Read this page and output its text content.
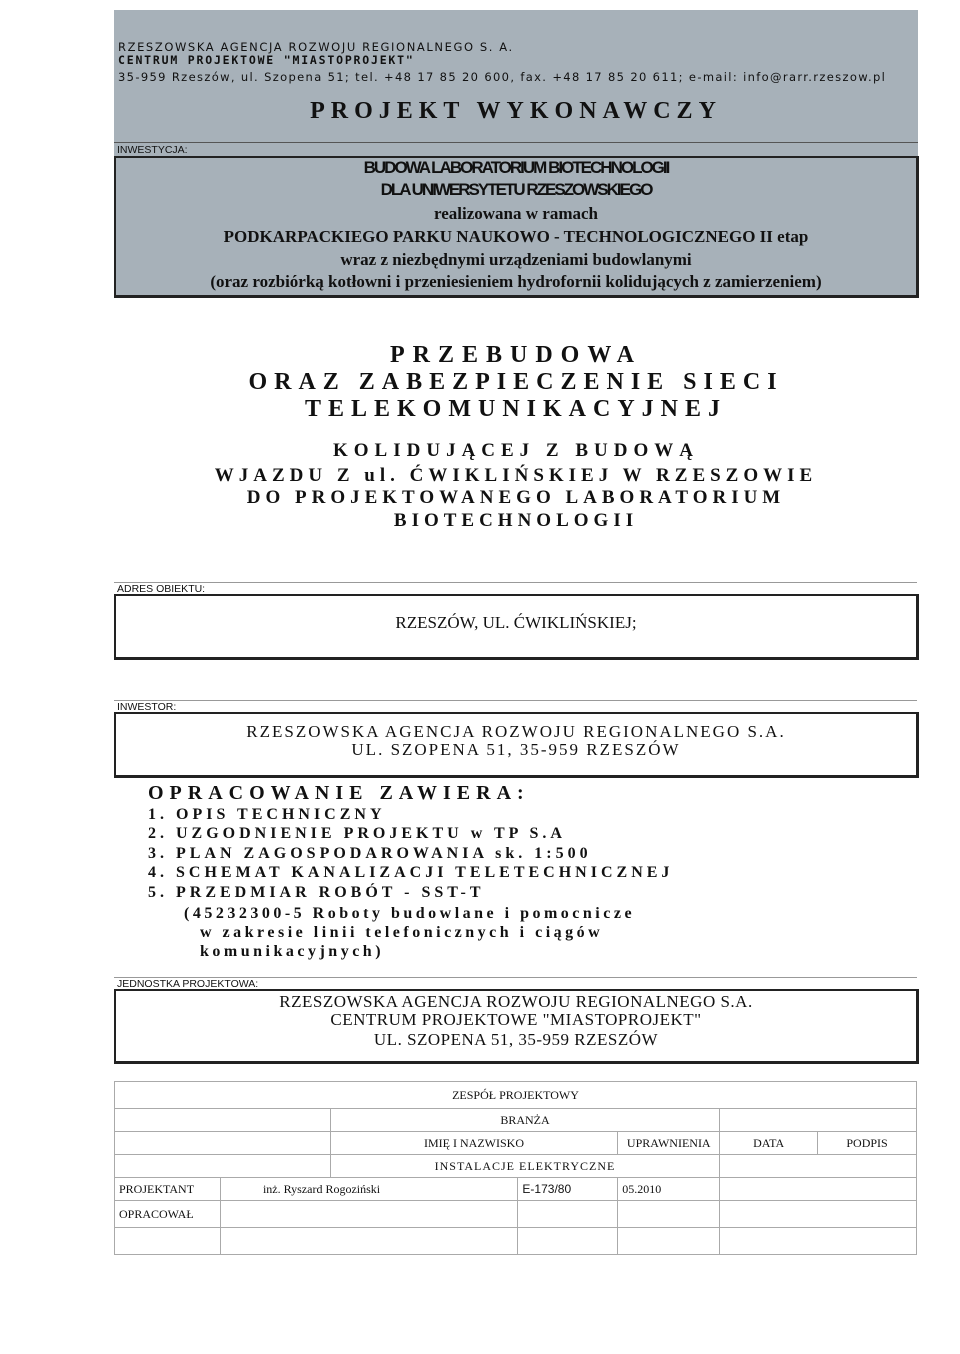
RZESZOWSKA AGENCJA ROZWOJU REGIONALNEGO S. A.
CENTRUM PROJEKTOWE "MIASTOPROJEKT"
35-959 Rzeszów, ul. Szopena 51; tel. +48 17 85 20 600, fax. +48 17 85 20 611; e-mail: info@rarr.rzeszow.pl
PROJEKT WYKONAWCZY
INWESTYCJA:
BUDOWA LABORATORIUM BIOTECHNOLOGII
DLA UNIWERSYTETU RZESZOWSKIEGO
realizowana w ramach
PODKARPACKIEGO PARKU NAUKOWO - TECHNOLOGICZNEGO II etap
wraz z niezbędnymi urządzeniami budowlanymi
(oraz rozbiórką kotłowni i przeniesieniem hydrofornii kolidujących z zamierzeniem)
PRZEBUDOWA
ORAZ ZABEZPIECZENIE SIECI
TELEKOMUNIKACYJNEJ
KOLIDUJĄCEJ Z BUDOWĄ
WJAZDU Z ul. ĆWIKLIŃSKIEJ W RZESZOWIE
DO PROJEKTOWANEGO LABORATORIUM
BIOTECHNOLOGII
ADRES OBIEKTU:
RZESZÓW, UL. ĆWIKLIŃSKIEJ;
INWESTOR:
RZESZOWSKA AGENCJA ROZWOJU REGIONALNEGO S.A.
UL. SZOPENA 51, 35-959 RZESZÓW
OPRACOWANIE ZAWIERA:
1. OPIS TECHNICZNY
2. UZGODNIENIE PROJEKTU w TP S.A
3. PLAN ZAGOSPODAROWANIA sk. 1:500
4. SCHEMAT KANALIZACJI TELETECHNICZNEJ
5. PRZEDMIAR ROBÓT - SST-T
(45232300-5 Roboty budowlane i pomocnicze
w zakresie linii telefonicznych i ciągów
komunikacyjnych)
JEDNOSTKA PROJEKTOWA:
RZESZOWSKA AGENCJA ROZWOJU REGIONALNEGO S.A.
CENTRUM PROJEKTOWE "MIASTOPROJEKT"
UL. SZOPENA 51, 35-959 RZESZÓW
ZESPÓŁ PROJEKTOWY						
		BRANŻA				
		IMIĘ I NAZWISKO		UPRAWNIENIA	DATA	PODPIS
		INSTALACJE ELEKTRYCZNE				
PROJEKTANT	inż. Ryszard Rogoziński		E-173/80	05.2010		
OPRACOWAŁ						
